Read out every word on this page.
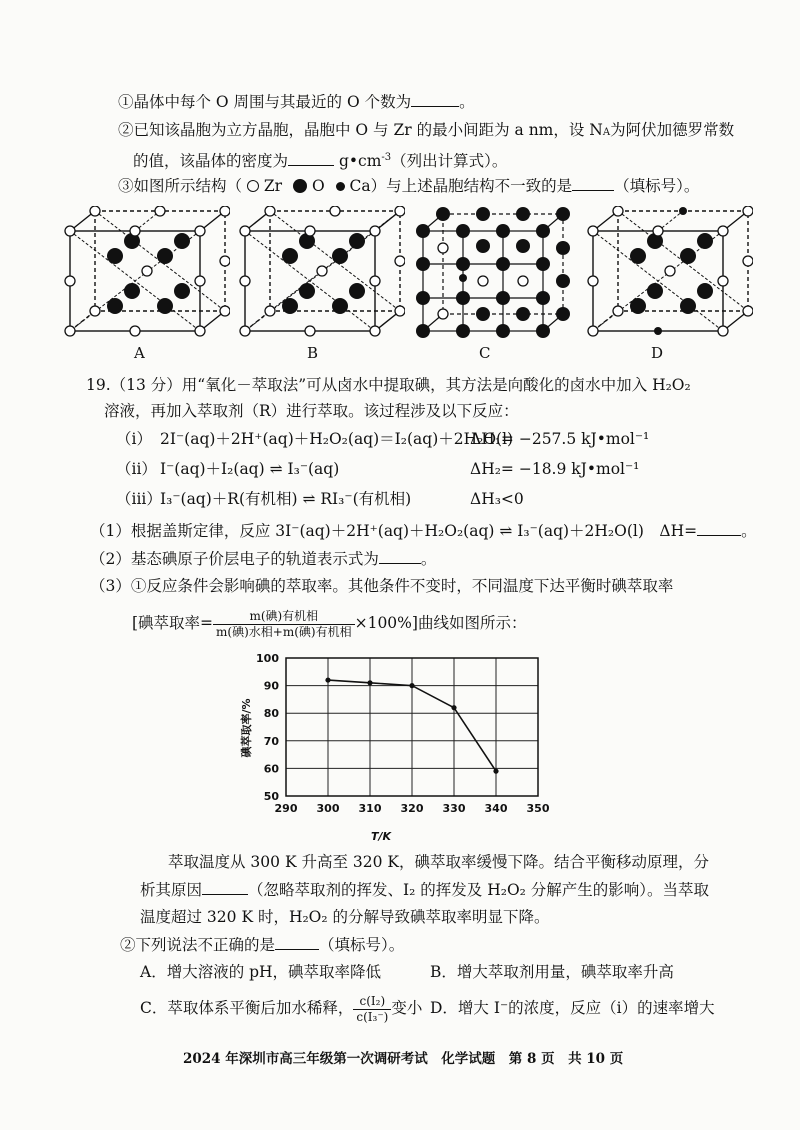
①晶体中每个 O 周围与其最近的 O 个数为	。
②已知该晶胞为立方晶胞，晶胞中 O 与 Zr 的最小间距为 a nm，设 NA为阿伏加德罗常数
的值，该晶体的密度为	$g•cm^{-3}$（列出计算式）。
③如图所示结构（ Zr O Ca）与上述晶胞结构不一致的是	（填标号）。
A	B	C	D
19.（13 分）用“氧化－萃取法”可从卤水中提取碘，其方法是向酸化的卤水中加入 H₂O₂
溶液，再加入萃取剂（R）进行萃取。该过程涉及以下反应：
（i） 2I⁻(aq)＋2H⁺(aq)＋H₂O₂(aq)＝I₂(aq)＋2H₂O(l)
ΔH₁= −257.5 kJ•mol⁻¹
（ii） I⁻(aq)＋I₂(aq) ⇌ I₃⁻(aq)	ΔH₂= −18.9 kJ•mol⁻¹
（iii）
I₃⁻(aq)＋R(有机相) ⇌ RI₃⁻(有机相)	ΔH₃<0
（1）根据盖斯定律，反应 3I⁻(aq)＋2H⁺(aq)＋H₂O₂(aq) ⇌ I₃⁻(aq)＋2H₂O(l)　ΔH=	。
（2）基态碘原子价层电子的轨道表示式为	。
（3）①反应条件会影响碘的萃取率。其他条件不变时，不同温度下达平衡时碘萃取率
[碘萃取率= $\frac{\text{m(碘)有机相}}{\text{m(碘)水相+m(碘)有机相}} \times 100\%$]曲线如图所示：
290 300 310 320 330 340 350
50
60
70
80
90
100
碘萃取率/%
T/K
萃取温度从 300 K 升高至 320 K，碘萃取率缓慢下降。结合平衡移动原理，分
析其原因	（忽略萃取剂的挥发、I₂ 的挥发及 H₂O₂ 分解产生的影响）。当萃取
温度超过 320 K 时，H₂O₂ 的分解导致碘萃取率明显下降。
②下列说法不正确的是	（填标号）。
A．增大溶液的 pH，碘萃取率降低	B．增大萃取剂用量，碘萃取率升高
C．萃取体系平衡后加水稀释， $\frac{\text{c(I₂)}}{\text{c(I₃⁻)}}$ 变小 D．增大 I⁻的浓度，反应（i）的速率增大
2024 年深圳市高三年级第一次调研考试　化学试题　第 8 页　共 10 页
